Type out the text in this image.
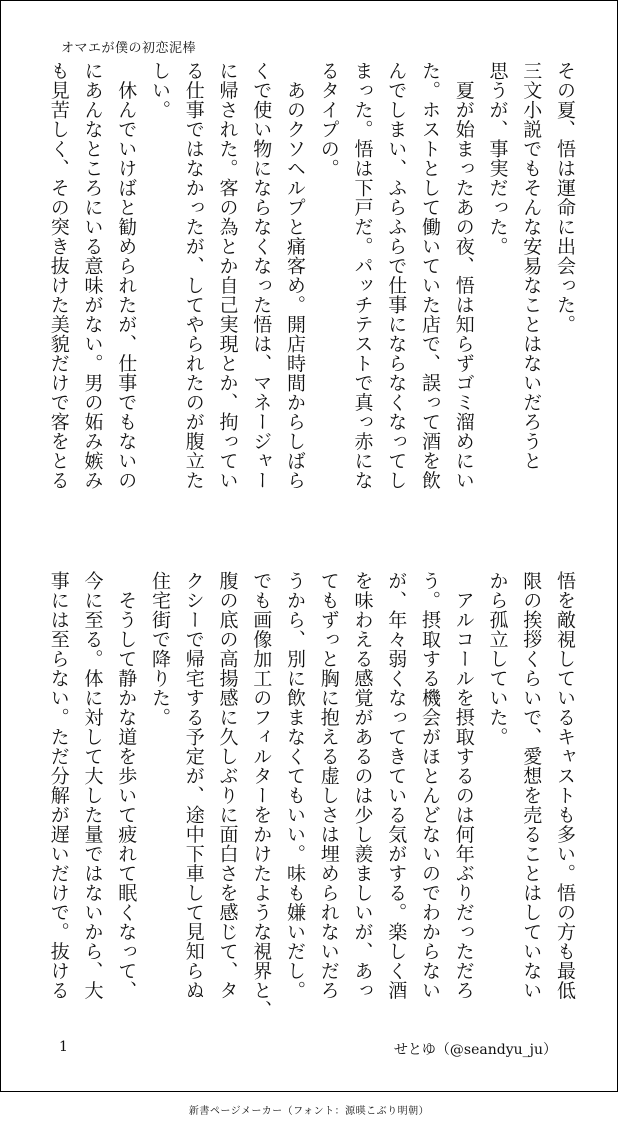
オマエが僕の初恋泥棒
その夏、悟は運命に出会った。
三文小説でもそんな安易なことはないだろうと
思うが、事実だった。
　夏が始まったあの夜、悟は知らずゴミ溜めにい
た。ホストとして働いていた店で、誤って酒を飲
んでしまい、ふらふらで仕事にならなくなってし
まった。悟は下戸だ。パッチテストで真っ赤にな
るタイプの。
　あのクソヘルプと痛客め。開店時間からしばら
くで使い物にならなくなった悟は、マネージャー
に帰された。客の為とか自己実現とか、拘ってい
る仕事ではなかったが、してやられたのが腹立た
しい。
　休んでいけばと勧められたが、仕事でもないの
にあんなところにいる意味がない。男の妬み嫉み
も見苦しく、その突き抜けた美貌だけで客をとる
悟を敵視しているキャストも多い。悟の方も最低
限の挨拶くらいで、愛想を売ることはしていない
から孤立していた。
　アルコールを摂取するのは何年ぶりだっただろ
う。摂取する機会がほとんどないのでわからない
が、年々弱くなってきている気がする。楽しく酒
を味わえる感覚があるのは少し羨ましいが、あっ
てもずっと胸に抱える虚しさは埋められないだろ
うから、別に飲まなくてもいい。味も嫌いだし。
でも画像加工のフィルターをかけたような視界と、
腹の底の高揚感に久しぶりに面白さを感じて、タ
クシーで帰宅する予定が、途中下車して見知らぬ
住宅街で降りた。
　そうして静かな道を歩いて疲れて眠くなって、
今に至る。体に対して大した量ではないから、大
事には至らない。ただ分解が遅いだけで。抜ける
1	せとゆ（@seandyu_ju）
新書ページメーカー（フォント：源暎こぶり明朝）
